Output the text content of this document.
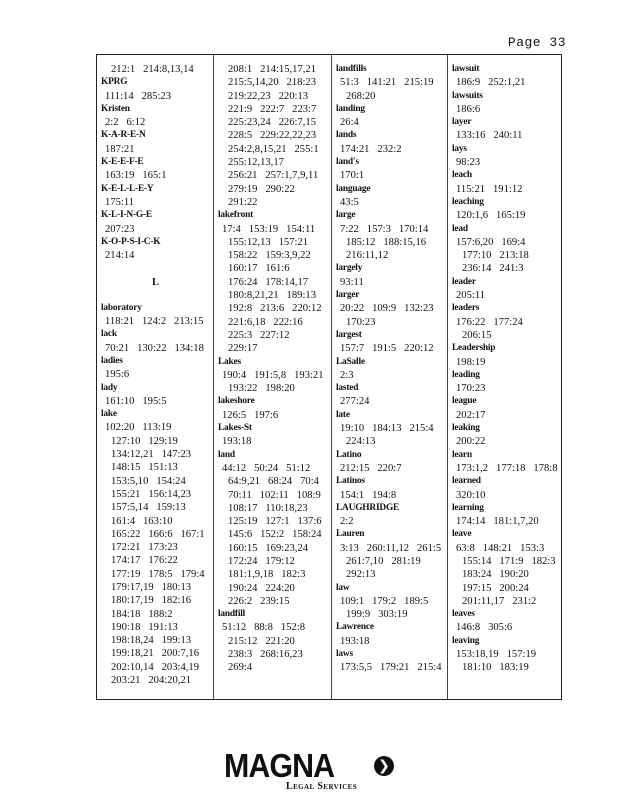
Page 33
212:1   214:8,13,14
KPRG
111:14   285:23
Kristen
2:2   6:12
K-A-R-E-N
187:21
K-E-E-F-E
163:19   165:1
K-E-L-L-E-Y
175:11
K-L-I-N-G-E
207:23
K-O-P-S-I-C-K
214:14
L
laboratory
118:21   124:2   213:15
lack
70:21   130:22   134:18
ladies
195:6
lady
161:10   195:5
lake
102:20   113:19
127:10   129:19
134:12,21   147:23
148:15   151:13
153:5,10   154:24
155:21   156:14,23
157:5,14   159:13
161:4   163:10
165:22   166:6   167:1
172:21   173:23
174:17   176:22
177:19   178:5   179:4
179:17,19   180:13
180:17,19   182:16
184:18   188:2
190:18   191:13
198:18,24   199:13
199:18,21   200:7,16
202:10,14   203:4,19
203:21   204:20,21
208:1   214:15,17,21
215:5,14,20   218:23
219:22,23   220:13
221:9   222:7   223:7
225:23,24   226:7,15
228:5   229:22,22,23
254:2,8,15,21   255:1
255:12,13,17
256:21   257:1,7,9,11
279:19   290:22
291:22
lakefront
17:4   153:19   154:11
155:12,13   157:21
158:22   159:3,9,22
160:17   161:6
176:24   178:14,17
180:8,21,21   189:13
192:8   213:6   220:12
221:6,18   222:16
225:3   227:12
229:17
Lakes
190:4   191:5,8   193:21
193:22   198:20
lakeshore
126:5   197:6
Lakes-St
193:18
land
44:12   50:24   51:12
64:9,21   68:24   70:4
70:11   102:11   108:9
108:17   110:18,23
125:19   127:1   137:6
145:6   152:2   158:24
160:15   169:23,24
172:24   179:12
181:1,9,18   182:3
190:24   224:20
226:2   239:15
landfill
51:12   88:8   152:8
215:12   221:20
238:3   268:16,23
269:4
landfills
51:3   141:21   215:19
268:20
landing
26:4
lands
174:21   232:2
land's
170:1
language
43:5
large
7:22   157:3   170:14
185:12   188:15,16
216:11,12
largely
93:11
larger
20:22   109:9   132:23
170:23
largest
157:7   191:5   220:12
LaSalle
2:3
lasted
277:24
late
19:10   184:13   215:4
224:13
Latino
212:15   220:7
Latinos
154:1   194:8
LAUGHRIDGE
2:2
Lauren
3:13   260:11,12   261:5
261:7,10   281:19
292:13
law
109:1   179:2   189:5
199:9   303:19
Lawrence
193:18
laws
173:5,5   179:21   215:4
lawsuit
186:9   252:1,21
lawsuits
186:6
layer
133:16   240:11
lays
98:23
leach
115:21   191:12
leaching
120:1,6   165:19
lead
157:6,20   169:4
177:10   213:18
236:14   241:3
leader
205:11
leaders
176:22   177:24
206:15
Leadership
198:19
leading
170:23
league
202:17
leaking
200:22
learn
173:1,2   177:18   178:8
learned
320:10
learning
174:14   181:1,7,20
leave
63:8   148:21   153:3
155:14   171:9   182:3
183:24   190:20
197:15   200:24
201:11,17   231:2
leaves
146:8   305:6
leaving
153:18,19   157:19
181:10   183:19
MAGNA	❯
Legal Services
